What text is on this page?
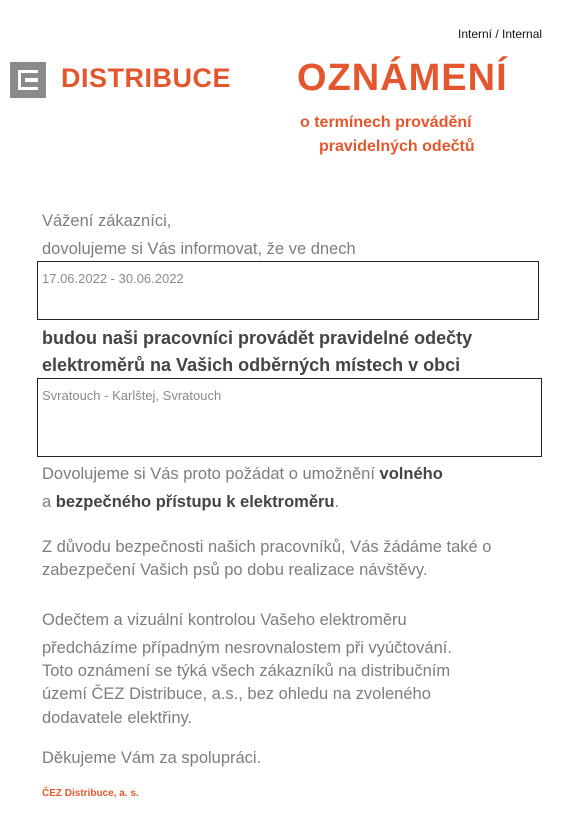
Interní / Internal
DISTRIBUCE OZNÁMENÍ
o termínech provádění
pravidelných odečtů
Vážení zákazníci,
dovolujeme si Vás informovat, že ve dnech
17.06.2022 - 30.06.2022
budou naši pracovníci provádět pravidelné odečty
elektroměrů na Vašich odběrných místech v obci
Svratouch - Karlštej, Svratouch
Dovolujeme si Vás proto požádat o umožnění volného
a bezpečného přístupu k elektroměru.
Z důvodu bezpečnosti našich pracovníků, Vás žádáme také o
zabezpečení Vašich psů po dobu realizace návštěvy.
Odečtem a vizuální kontrolou Vašeho elektroměru
předcházíme případným nesrovnalostem při vyúčtování.
Toto oznámení se týká všech zákazníků na distribučním
území ČEZ Distribuce, a.s., bez ohledu na zvoleného
dodavatele elektřiny.
Děkujeme Vám za spolupráci.
ČEZ Distribuce, a. s.
